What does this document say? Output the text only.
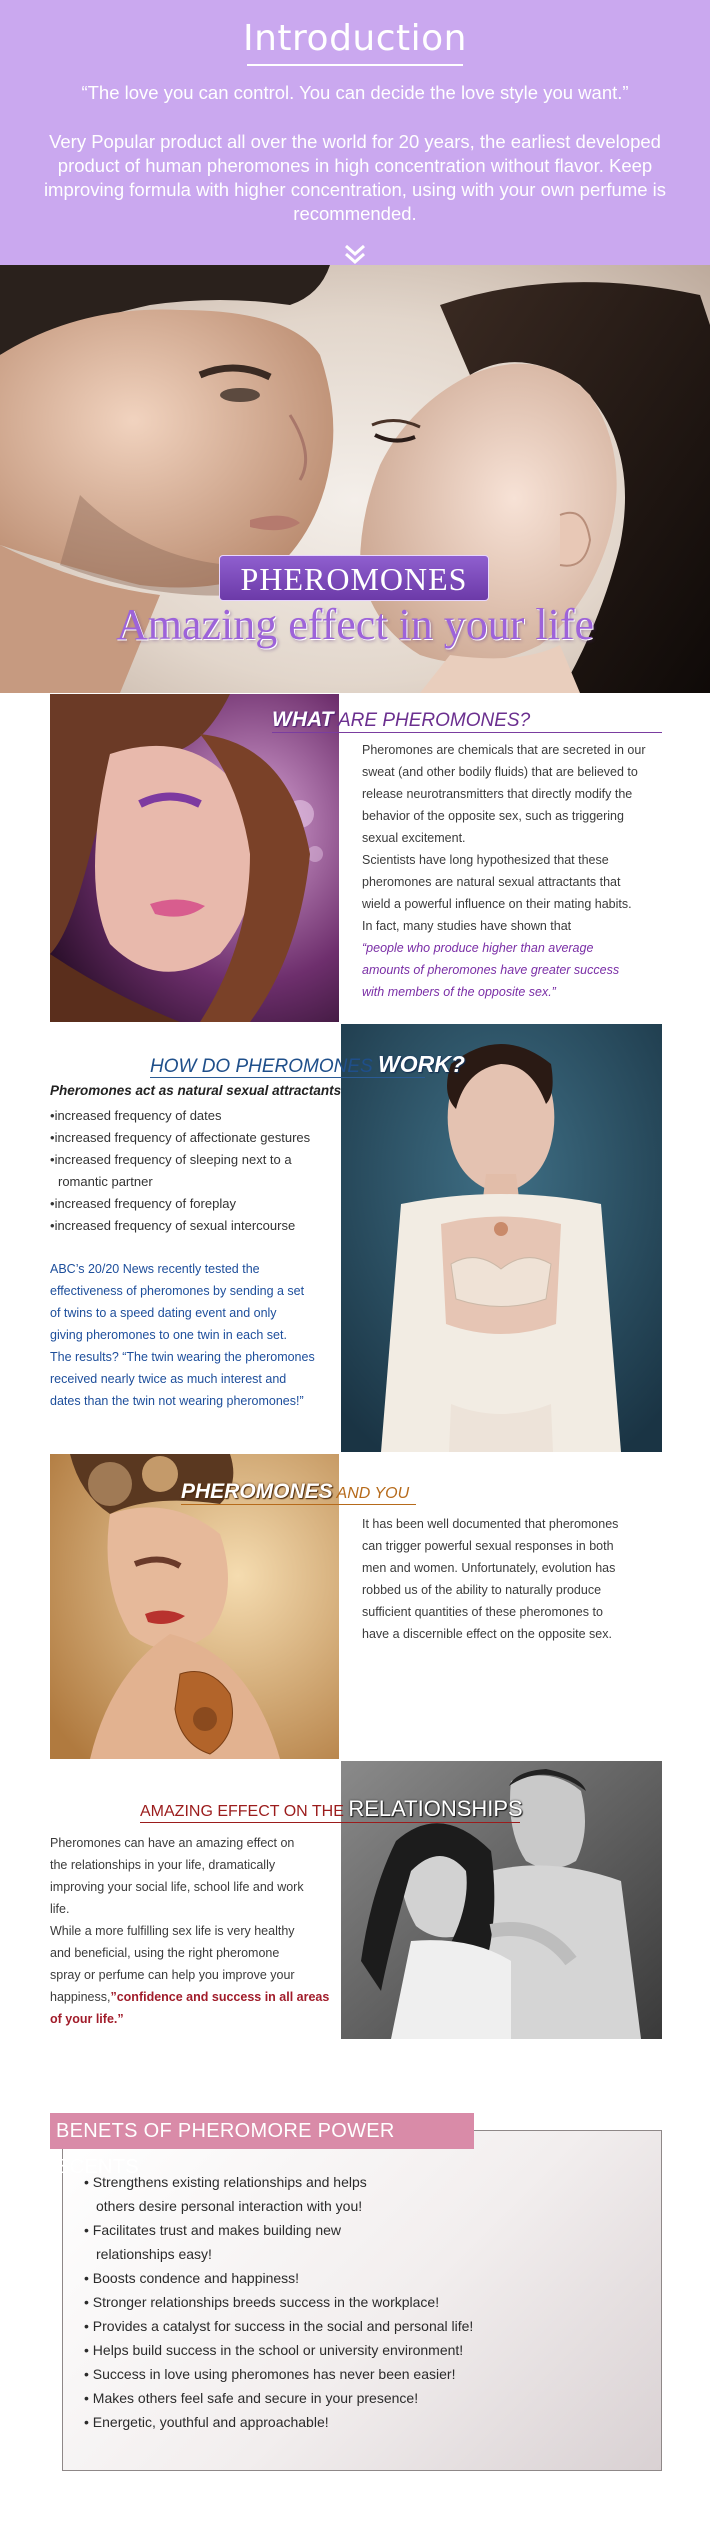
Introduction

“The love you can control. You can decide the love style you want.”

Very Popular product all over the world for 20 years, the earliest developed product of human pheromones in high concentration without flavor. Keep improving formula with higher concentration, using with your own perfume is recommended.

PHEROMONES
Amazing effect in your life
WHAT ARE PHEROMONES?
Pheromones are chemicals that are secreted in our
sweat (and other bodily fluids) that are believed to
release neurotransmitters that directly modify the
behavior of the opposite sex, such as triggering
sexual excitement.
Scientists have long hypothesized that these
pheromones are natural sexual attractants that
wield a powerful influence on their mating habits.
In fact, many studies have shown that
“people who produce higher than average
amounts of pheromones have greater success
with members of the opposite sex.”
HOW DO PHEROMONES WORK?
Pheromones act as natural sexual attractants
• increased frequency of dates
• increased frequency of affectionate gestures
• increased frequency of sleeping next to a romantic partner
• increased frequency of foreplay
• increased frequency of sexual intercourse
ABC’s 20/20 News recently tested the
effectiveness of pheromones by sending a set
of twins to a speed dating event and only
giving pheromones to one twin in each set.
The results? “The twin wearing the pheromones
received nearly twice as much interest and
dates than the twin not wearing pheromones!”
PHEROMONES AND YOU
It has been well documented that pheromones
can trigger powerful sexual responses in both
men and women. Unfortunately, evolution has
robbed us of the ability to naturally produce
sufficient quantities of these pheromones to
have a discernible effect on the opposite sex.
AMAZING EFFECT ON THE RELATIONSHIPS
Pheromones can have an amazing effect on
the relationships in your life, dramatically
improving your social life, school life and work
life.
While a more fulfilling sex life is very healthy
and beneficial, using the right pheromone
spray or perfume can help you improve your
happiness,”confidence and success in all areas
of your life.”
BENETS OF PHEROMORE POWER SCENTS
• Strengthens existing relationships and helps others desire personal interaction with you!
• Facilitates trust and makes building new relationships easy!
• Boosts condence and happiness!
• Stronger relationships breeds success in the workplace!
• Provides a catalyst for success in the social and personal life!
• Helps build success in the school or university environment!
• Success in love using pheromones has never been easier!
• Makes others feel safe and secure in your presence!
• Energetic, youthful and approachable!
